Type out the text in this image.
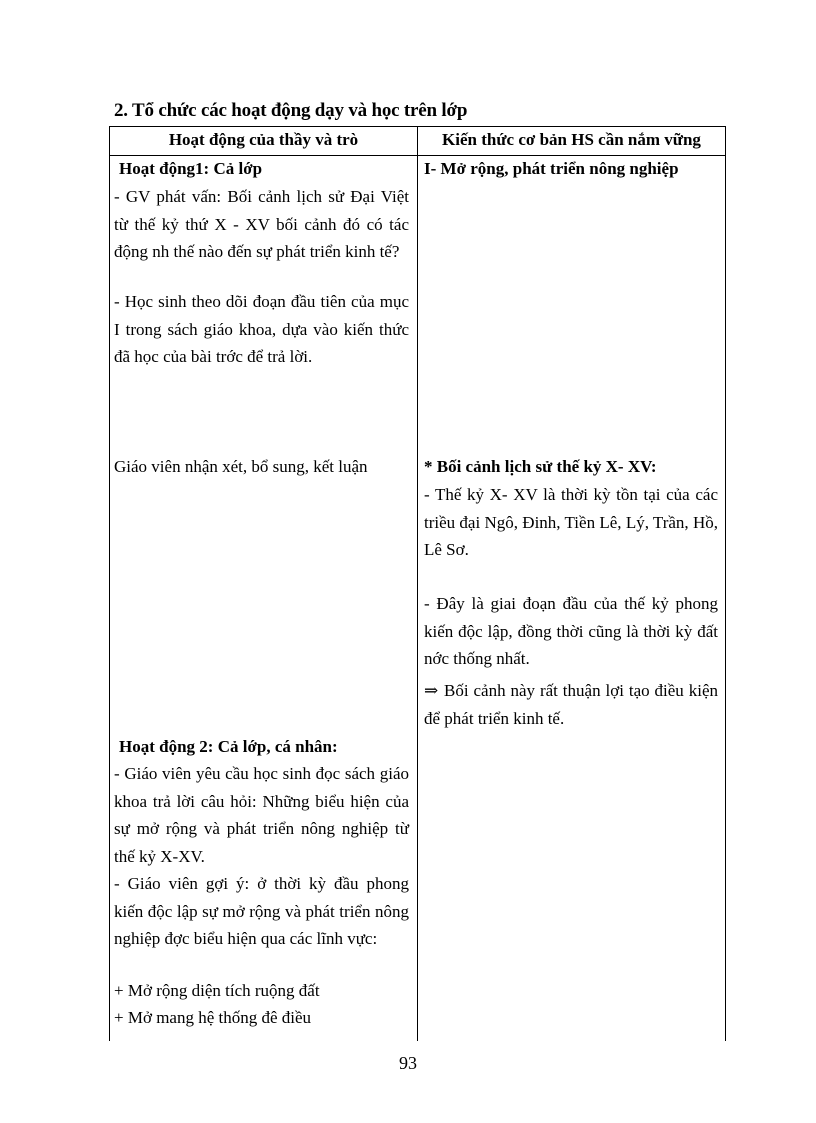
2. Tổ chức các hoạt động dạy và học trên lớp
Hoạt động của thầy và trò	Kiến thức cơ bản HS cần nắm vững
Hoạt động1: Cả lớp
- GV phát vấn: Bối cảnh lịch sử Đại Việt từ thế kỷ thứ X - XV bối cảnh đó có tác động nh thế nào đến sự phát triển kinh tế?
- Học sinh theo dõi đoạn đầu tiên của mục I trong sách giáo khoa, dựa vào kiến thức đã học của bài trớc để trả lời.
Giáo viên nhận xét, bổ sung, kết luận
Hoạt động 2: Cả lớp, cá nhân:
- Giáo viên yêu cầu học sinh đọc sách giáo khoa trả lời câu hỏi: Những biểu hiện của sự mở rộng và phát triển nông nghiệp từ thế kỷ X-XV.
- Giáo viên gợi ý: ở thời kỳ đầu phong kiến độc lập sự mở rộng và phát triển nông nghiệp đợc biểu hiện qua các lĩnh vực:
+ Mở rộng diện tích ruộng đất
+ Mở mang hệ thống đê điều
I- Mở rộng, phát triển nông nghiệp
* Bối cảnh lịch sử thế kỷ X- XV:
- Thế kỷ X- XV là thời kỳ tồn tại của các triều đại Ngô, Đinh, Tiền Lê, Lý, Trần, Hồ, Lê Sơ.
- Đây là giai đoạn đầu của thế kỷ phong kiến độc lập, đồng thời cũng là thời kỳ đất nớc thống nhất.
⇒ Bối cảnh này rất thuận lợi tạo điều kiện để phát triển kinh tế.
93
